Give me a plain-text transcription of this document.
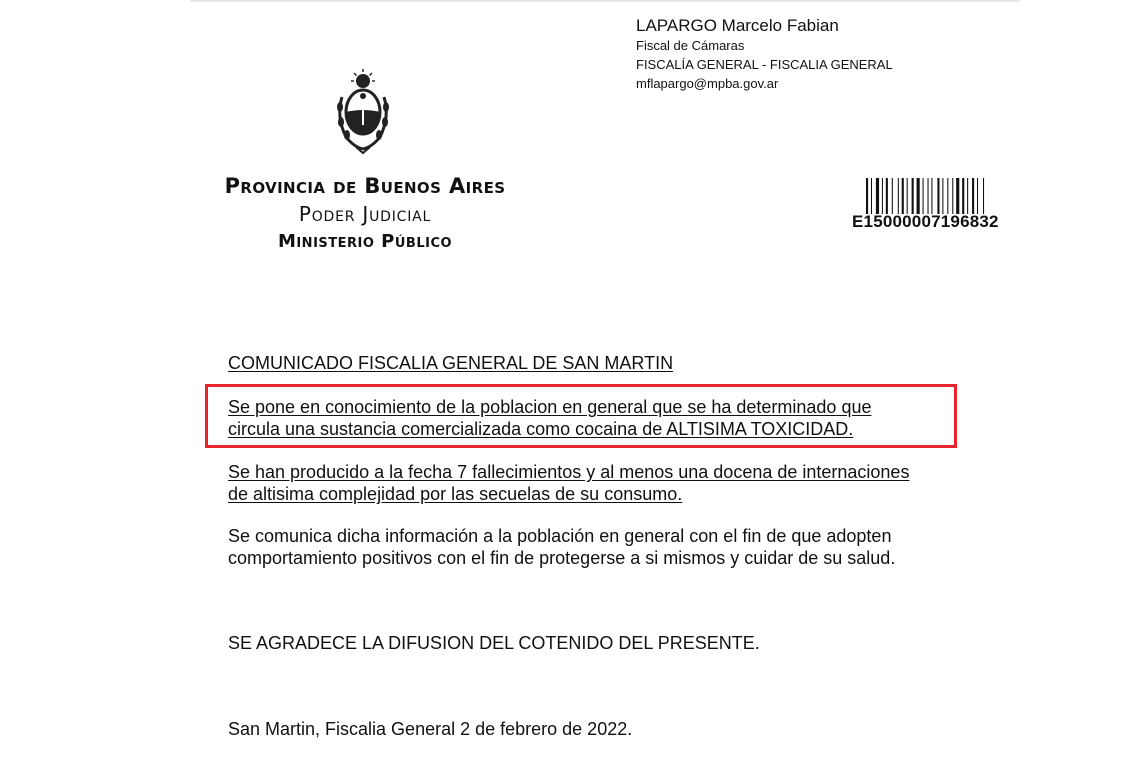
LAPARGO Marcelo Fabian
Fiscal de Cámaras
FISCALÍA GENERAL - FISCALIA GENERAL
mflapargo@mpba.gov.ar
Provincia de Buenos Aires
Poder Judicial
Ministerio Público
E15000007196832
COMUNICADO FISCALIA GENERAL DE SAN MARTIN
Se pone en conocimiento de la poblacion en general que se ha determinado que
circula una sustancia comercializada como cocaina de ALTISIMA TOXICIDAD.
Se han producido a la fecha 7 fallecimientos y al menos una docena de internaciones
de altisima complejidad por las secuelas de su consumo.
Se comunica dicha información a la población en general con el fin de que adopten
comportamiento positivos con el fin de protegerse a si mismos y cuidar de su salud.
SE AGRADECE LA DIFUSION DEL COTENIDO DEL PRESENTE.
San Martin, Fiscalia General 2 de febrero de 2022.
